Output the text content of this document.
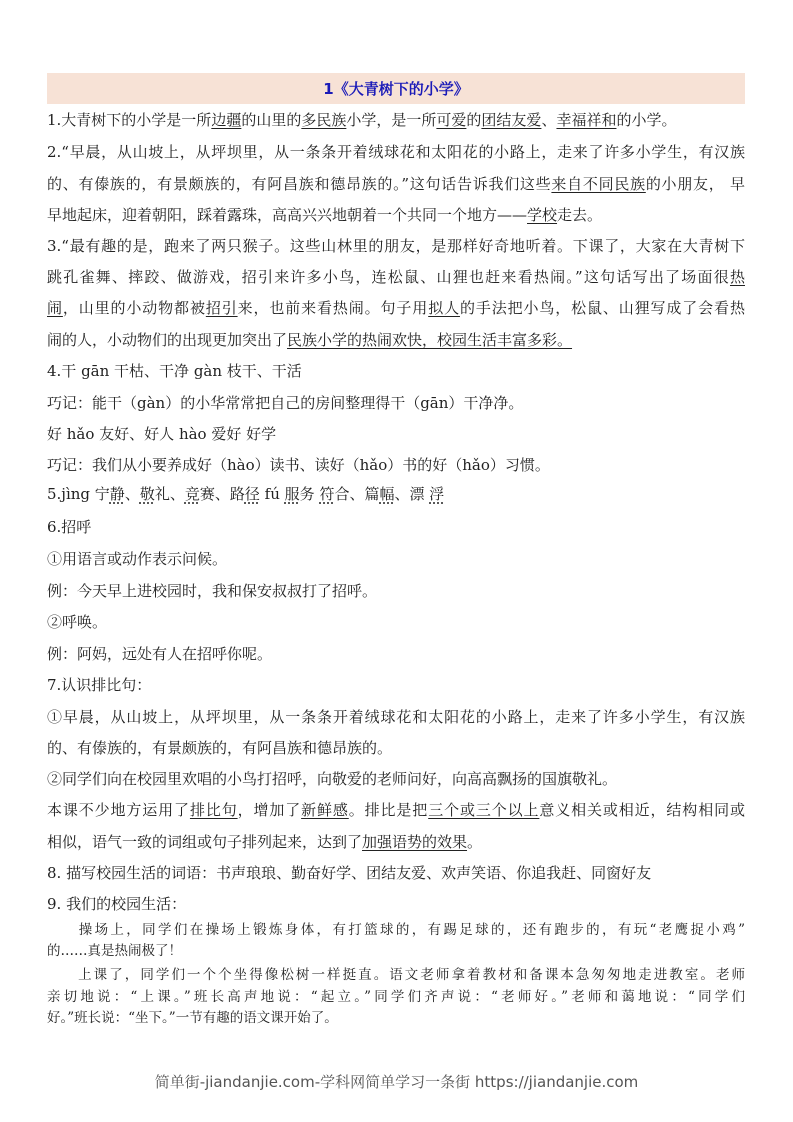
1《大青树下的小学》
1.大青树下的小学是一所边疆的山里的多民族小学，是一所可爱的团结友爱、幸福祥和的小学。
2.“早晨，从山坡上，从坪坝里，从一条条开着绒球花和太阳花的小路上，走来了许多小学生，有汉族
的、有傣族的，有景颇族的，有阿昌族和德昂族的。”这句话告诉我们这些来自不同民族的小朋友， 早
早地起床，迎着朝阳，踩着露珠，高高兴兴地朝着一个共同一个地方——学校走去。
3.“最有趣的是，跑来了两只猴子。这些山林里的朋友，是那样好奇地听着。下课了，大家在大青树下
跳孔雀舞、摔跤、做游戏，招引来许多小鸟，连松鼠、山狸也赶来看热闹。”这句话写出了场面很热
闹，山里的小动物都被招引来，也前来看热闹。句子用拟人的手法把小鸟，松鼠、山狸写成了会看热
闹的人，小动物们的出现更加突出了民族小学的热闹欢快，校园生活丰富多彩。
4.干 gān 干枯、干净 gàn 枝干、干活
巧记：能干（gàn）的小华常常把自己的房间整理得干（gān）干净净。
好 hǎo 友好、好人 hào 爱好 好学
巧记：我们从小要养成好（hào）读书、读好（hǎo）书的好（hǎo）习惯。
5.jìng 宁静、敬礼、竞赛、路径 fú 服务 符合、篇幅、漂 浮
6.招呼
①用语言或动作表示问候。
例：今天早上进校园时，我和保安叔叔打了招呼。
②呼唤。
例：阿妈，远处有人在招呼你呢。
7.认识排比句：
①早晨，从山坡上，从坪坝里，从一条条开着绒球花和太阳花的小路上，走来了许多小学生，有汉族
的、有傣族的，有景颇族的，有阿昌族和德昂族的。
②同学们向在校园里欢唱的小鸟打招呼，向敬爱的老师问好，向高高飘扬的国旗敬礼。
本课不少地方运用了排比句，增加了新鲜感。排比是把三个或三个以上意义相关或相近，结构相同或
相似，语气一致的词组或句子排列起来，达到了加强语势的效果。
8. 描写校园生活的词语：书声琅琅、勤奋好学、团结友爱、欢声笑语、你追我赶、同窗好友
9. 我们的校园生活：
　　操场上，同学们在操场上锻炼身体，有打篮球的，有踢足球的，还有跑步的，有玩“老鹰捉小鸡”
的……真是热闹极了！
　　上课了，同学们一个个坐得像松树一样挺直。语文老师拿着教材和备课本急匆匆地走进教室。老师
亲切地说：“上课。”班长高声地说：“起立。”同学们齐声说：“老师好。”老师和蔼地说：“同学们
好。”班长说：“坐下。”一节有趣的语文课开始了。
简单街-jiandanjie.com-学科网简单学习一条街 https://jiandanjie.com
